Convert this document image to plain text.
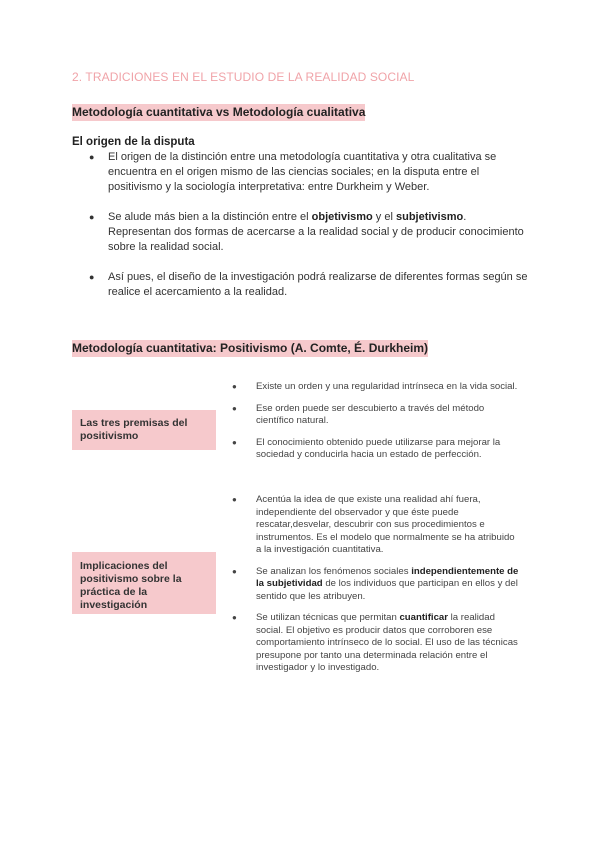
2. TRADICIONES EN EL ESTUDIO DE LA REALIDAD SOCIAL
Metodología cuantitativa vs Metodología cualitativa
El origen de la disputa
● El origen de la distinción entre una metodología cuantitativa y otra cualitativa se encuentra en el origen mismo de las ciencias sociales; en la disputa entre el positivismo y la sociología interpretativa: entre Durkheim y Weber.
● Se alude más bien a la distinción entre el objetivismo y el subjetivismo. Representan dos formas de acercarse a la realidad social y de producir conocimiento sobre la realidad social.
● Así pues, el diseño de la investigación podrá realizarse de diferentes formas según se realice el acercamiento a la realidad.
Metodología cuantitativa: Positivismo (A. Comte, É. Durkheim)
Las tres premisas del positivismo
Implicaciones del positivismo sobre la práctica de la investigación
● Existe un orden y una regularidad intrínseca en la vida social.
● Ese orden puede ser descubierto a través del método científico natural.
● El conocimiento obtenido puede utilizarse para mejorar la sociedad y conducirla hacia un estado de perfección.
● Acentúa la idea de que existe una realidad ahí fuera, independiente del observador y que éste puede rescatar,desvelar, descubrir con sus procedimientos e instrumentos. Es el modelo que normalmente se ha atribuido a la investigación cuantitativa.
● Se analizan los fenómenos sociales independientemente de la subjetividad de los individuos que participan en ellos y del sentido que les atribuyen.
● Se utilizan técnicas que permitan cuantificar la realidad social. El objetivo es producir datos que corroboren ese comportamiento intrínseco de lo social. El uso de las técnicas presupone por tanto una determinada relación entre el investigador y lo investigado.
